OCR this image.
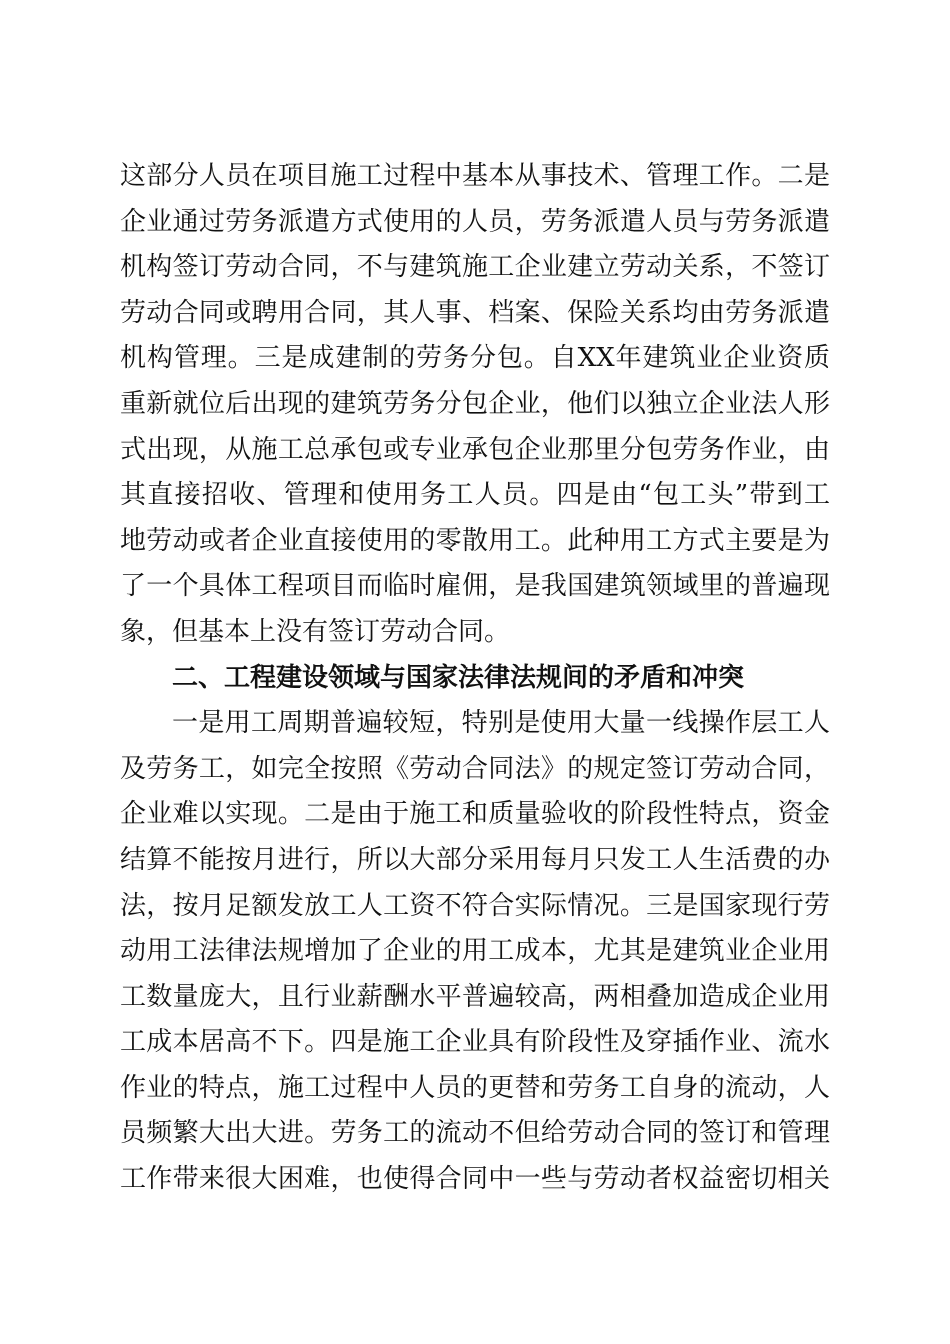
这部分人员在项目施工过程中基本从事技术、管理工作。二是
企业通过劳务派遣方式使用的人员，劳务派遣人员与劳务派遣
机构签订劳动合同，不与建筑施工企业建立劳动关系，不签订
劳动合同或聘用合同，其人事、档案、保险关系均由劳务派遣
机构管理。三是成建制的劳务分包。自XX年建筑业企业资质
重新就位后出现的建筑劳务分包企业，他们以独立企业法人形
式出现，从施工总承包或专业承包企业那里分包劳务作业，由
其直接招收、管理和使用务工人员。四是由“包工头”带到工
地劳动或者企业直接使用的零散用工。此种用工方式主要是为
了一个具体工程项目而临时雇佣，是我国建筑领域里的普遍现
象，但基本上没有签订劳动合同。
二、工程建设领域与国家法律法规间的矛盾和冲突
一是用工周期普遍较短，特别是使用大量一线操作层工人
及劳务工，如完全按照《劳动合同法》的规定签订劳动合同，
企业难以实现。二是由于施工和质量验收的阶段性特点，资金
结算不能按月进行，所以大部分采用每月只发工人生活费的办
法，按月足额发放工人工资不符合实际情况。三是国家现行劳
动用工法律法规增加了企业的用工成本，尤其是建筑业企业用
工数量庞大，且行业薪酬水平普遍较高，两相叠加造成企业用
工成本居高不下。四是施工企业具有阶段性及穿插作业、流水
作业的特点，施工过程中人员的更替和劳务工自身的流动，人
员频繁大出大进。劳务工的流动不但给劳动合同的签订和管理
工作带来很大困难，也使得合同中一些与劳动者权益密切相关
